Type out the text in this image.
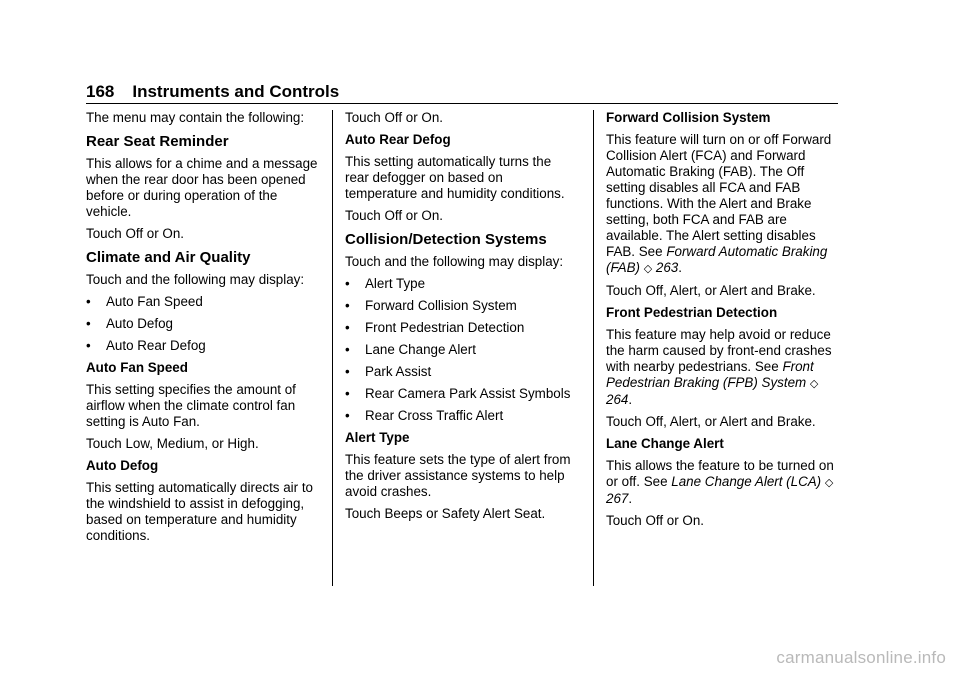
168 Instruments and Controls

The menu may contain the following:

Rear Seat Reminder

This allows for a chime and a message when the rear door has been opened before or during operation of the vehicle.

Touch Off or On.

Climate and Air Quality

Touch and the following may display:

•	Auto Fan Speed
•	Auto Defog
•	Auto Rear Defog
Auto Fan Speed

This setting specifies the amount of airflow when the climate control fan setting is Auto Fan.

Touch Low, Medium, or High.

Auto Defog

This setting automatically directs air to the windshield to assist in defogging, based on temperature and humidity conditions.

Touch Off or On.

Auto Rear Defog

This setting automatically turns the rear defogger on based on temperature and humidity conditions.

Touch Off or On.

Collision/Detection Systems

Touch and the following may display:

•	Alert Type
•	Forward Collision System
•	Front Pedestrian Detection
•	Lane Change Alert
•	Park Assist
•	Rear Camera Park Assist Symbols
•	Rear Cross Traffic Alert
Alert Type

This feature sets the type of alert from the driver assistance systems to help avoid crashes.

Touch Beeps or Safety Alert Seat.

Forward Collision System

This feature will turn on or off Forward Collision Alert (FCA) and Forward Automatic Braking (FAB). The Off setting disables all FCA and FAB functions. With the Alert and Brake setting, both FCA and FAB are available. The Alert setting disables FAB. See Forward Automatic Braking (FAB) ◇ 263.

Touch Off, Alert, or Alert and Brake.

Front Pedestrian Detection

This feature may help avoid or reduce the harm caused by front-end crashes with nearby pedestrians. See Front Pedestrian Braking (FPB) System ◇ 264.

Touch Off, Alert, or Alert and Brake.

Lane Change Alert

This allows the feature to be turned on or off. See Lane Change Alert (LCA) ◇ 267.

Touch Off or On.

carmanualsonline.info
